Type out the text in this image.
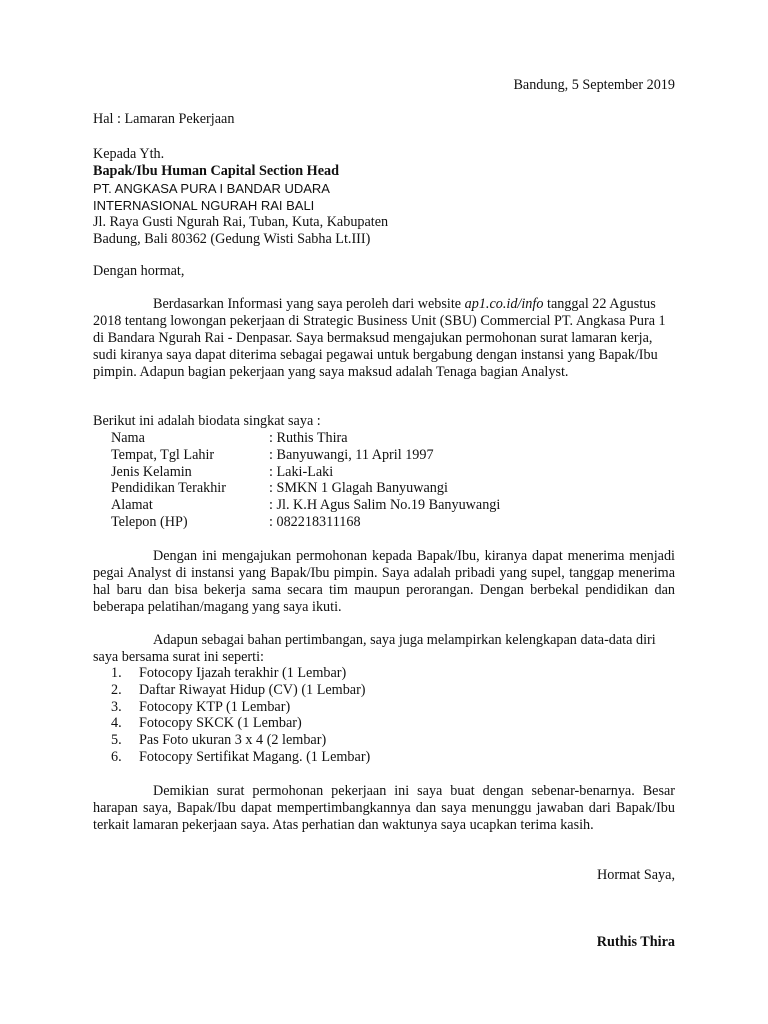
Bandung, 5 September 2019
Hal : Lamaran Pekerjaan
Kepada Yth.
Bapak/Ibu Human Capital Section Head
PT. ANGKASA PURA I BANDAR UDARA
INTERNASIONAL NGURAH RAI BALI
Jl. Raya Gusti Ngurah Rai, Tuban, Kuta, Kabupaten
Badung, Bali 80362 (Gedung Wisti Sabha Lt.III)
Dengan hormat,

Berdasarkan Informasi yang saya peroleh dari website ap1.co.id/info tanggal 22 Agustus 2018 tentang lowongan pekerjaan di Strategic Business Unit (SBU) Commercial PT. Angkasa Pura 1 di Bandara Ngurah Rai - Denpasar. Saya bermaksud mengajukan permohonan surat lamaran kerja, sudi kiranya saya dapat diterima sebagai pegawai untuk bergabung dengan instansi yang Bapak/Ibu pimpin. Adapun bagian pekerjaan yang saya maksud adalah Tenaga bagian Analyst.

Berikut ini adalah biodata singkat saya :
Nama	: Ruthis Thira
Tempat, Tgl Lahir	: Banyuwangi, 11 April 1997
Jenis Kelamin	: Laki-Laki
Pendidikan Terakhir	: SMKN 1 Glagah Banyuwangi
Alamat	: Jl. K.H Agus Salim No.19 Banyuwangi
Telepon (HP)	: 082218311168

Dengan ini mengajukan permohonan kepada Bapak/Ibu, kiranya dapat menerima menjadi pegai Analyst di instansi yang Bapak/Ibu pimpin. Saya adalah pribadi yang supel, tanggap menerima hal baru dan bisa bekerja sama secara tim maupun perorangan. Dengan berbekal pendidikan dan beberapa pelatihan/magang yang saya ikuti.

Adapun sebagai bahan pertimbangan, saya juga melampirkan kelengkapan data-data diri saya bersama surat ini seperti:

1.	Fotocopy Ijazah terakhir (1 Lembar)
2.	Daftar Riwayat Hidup (CV) (1 Lembar)
3.	Fotocopy KTP (1 Lembar)
4.	Fotocopy SKCK (1 Lembar)
5.	Pas Foto ukuran 3 x 4 (2 lembar)
6.	Fotocopy Sertifikat Magang. (1 Lembar)

Demikian surat permohonan pekerjaan ini saya buat dengan sebenar-benarnya. Besar harapan saya, Bapak/Ibu dapat mempertimbangkannya dan saya menunggu jawaban dari Bapak/Ibu terkait lamaran pekerjaan saya. Atas perhatian dan waktunya saya ucapkan terima kasih.

Hormat Saya,
Ruthis Thira
